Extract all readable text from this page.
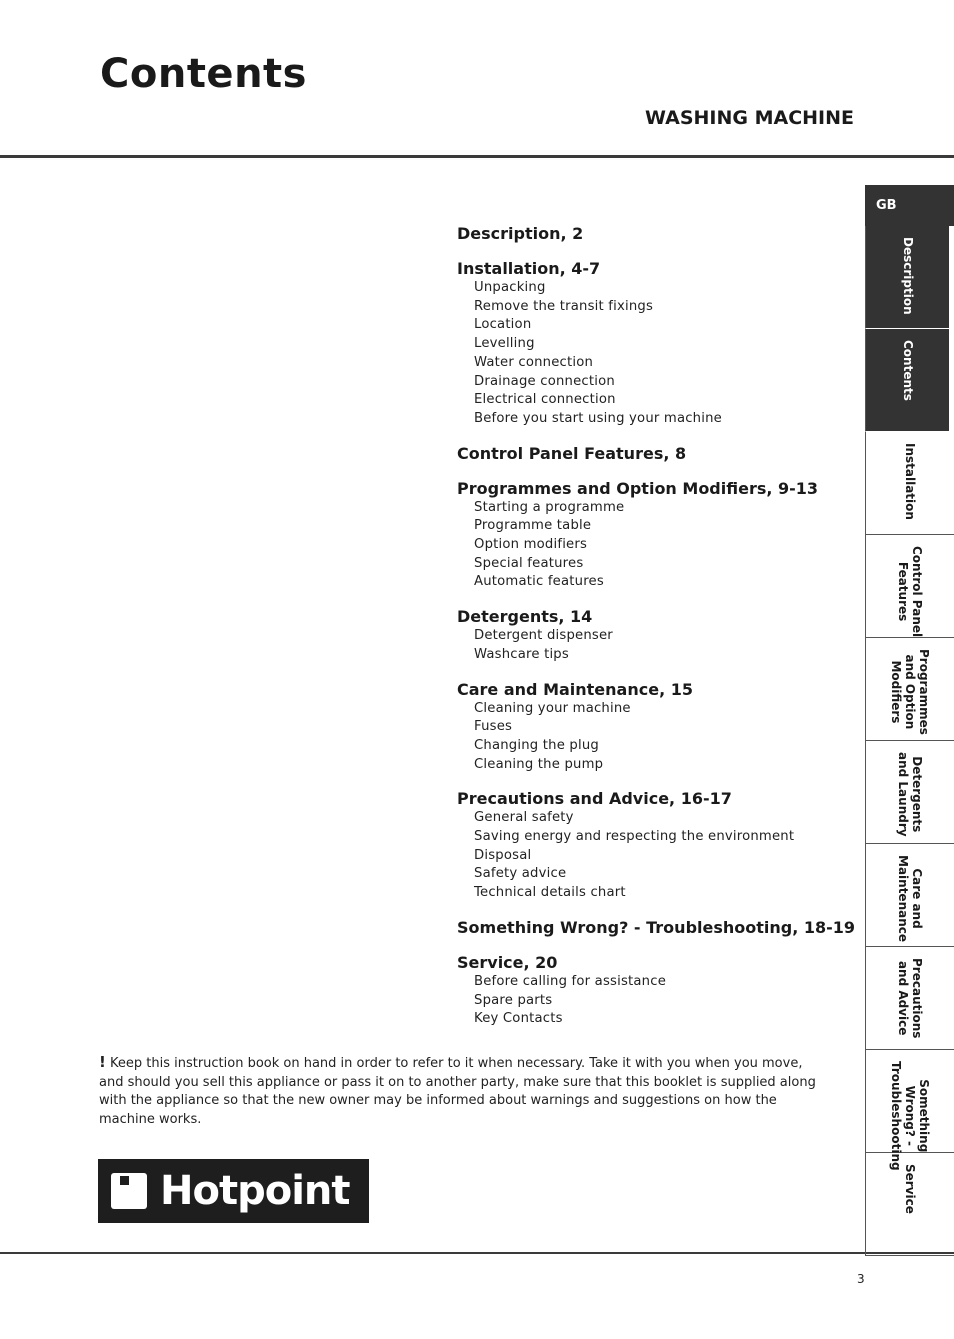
Contents
WASHING MACHINE
Description, 2
Installation, 4-7
Unpacking
Remove the transit fixings
Location
Levelling
Water connection
Drainage connection
Electrical connection
Before you start using your machine
Control Panel Features, 8
Programmes and Option Modifiers, 9-13
Starting a programme
Programme table
Option modifiers
Special features
Automatic features
Detergents, 14
Detergent dispenser
Washcare tips
Care and Maintenance, 15
Cleaning your machine
Fuses
Changing the plug
Cleaning the pump
Precautions and Advice, 16-17
General safety
Saving energy and respecting the environment
Disposal
Safety advice
Technical details chart
Something Wrong? - Troubleshooting, 18-19
Service, 20
Before calling for assistance
Spare parts
Key Contacts

! Keep this instruction book on hand in order to refer to it when necessary. Take it with you when you move, and should you sell this appliance or pass it on to another party, make sure that this booklet is supplied along with the appliance so that the new owner may be informed about warnings and suggestions on how the machine works.

Hotpoint
3
GB
Description
Contents
Installation
Control Panel
Features
Programmes
and Option
Modifiers
Detergents
and Laundry
Care and
Maintenance
Precautions
and Advice
Something
Wrong? -
Troubleshooting
Service
